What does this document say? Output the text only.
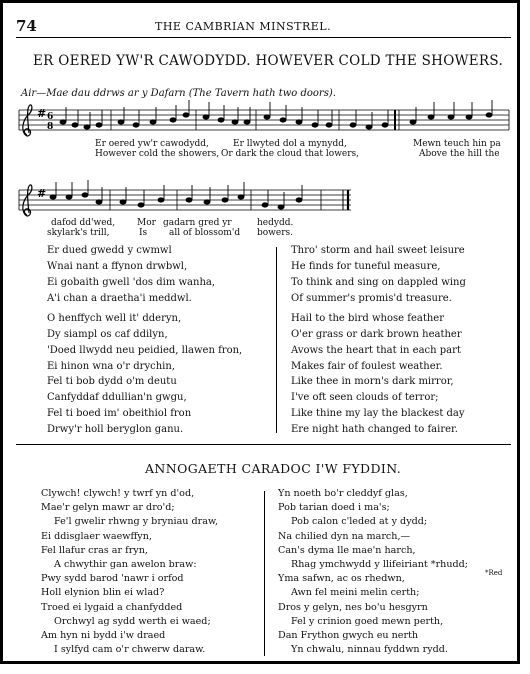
74	THE CAMBRIAN MINSTREL.
ER OERED YW'R CAWODYDD. HOWEVER COLD THE SHOWERS.
Air—Mae dau ddrws ar y Dafarn (The Tavern hath two doors).
# 6
8
#
Er oered yw'r cawodydd,	Er llwyted dol a mynydd,	Mewn teuch hin pa
However cold the showers, Or dark the cloud that lowers,	Above the hill the
dafod dd'wed, Mor gadarn gred yr	hedydd.
skylark's trill,	Is all of blossom'd bowers.
Er dued gwedd y cwmwl
Wnai nant a ffynon drwbwl,
Ei gobaith gwell 'dos dim wanha,
A'i chan a draetha'i meddwl.
O henffych well it' dderyn,
Dy siampl os caf ddilyn,
'Doed llwydd neu peidied, llawen fron,
Ei hinon wna o'r drychin,
Fel ti bob dydd o'm deutu
Canfyddaf ddullian'n gwgu,
Fel ti boed im' obeithiol fron
Drwy'r holl beryglon ganu.
Thro' storm and hail sweet leisure
He finds for tuneful measure,
To think and sing on dappled wing
Of summer's promis'd treasure.
Hail to the bird whose feather
O'er grass or dark brown heather
Avows the heart that in each part
Makes fair of foulest weather.
Like thee in morn's dark mirror,
I've oft seen clouds of terror;
Like thine my lay the blackest day
Ere night hath changed to fairer.
ANNOGAETH CARADOC I'W FYDDIN.
Clywch! clywch! y twrf yn d'od,
Mae'r gelyn mawr ar dro'd;
Fe'l gwelir rhwng y bryniau draw,
Ei ddisglaer waewffyn,
Fel llafur cras ar fryn,
A chwythir gan awelon braw:
Pwy sydd barod 'nawr i orfod
Holl elynion blin ei wlad?
Troed ei lygaid a chanfydded
Orchwyl ag sydd werth ei waed;
Am hyn ni bydd i'w draed
I sylfyd cam o'r chwerw daraw.
Yn noeth bo'r cleddyf glas,
Pob tarian doed i ma's;
Pob calon c'leded at y dydd;
Na chilied dyn na march,—
Can's dyma lle mae'n harch,
Rhag ymchwydd y llifeiriant *rhudd;
Yma safwn, ac os rhedwn,
Awn fel meini melin certh;
Dros y gelyn, nes bo'u hesgyrn
Fel y crinion goed mewn perth,
Dan Frython gwych eu nerth
Yn chwalu, ninnau fyddwn rydd.
*Red
